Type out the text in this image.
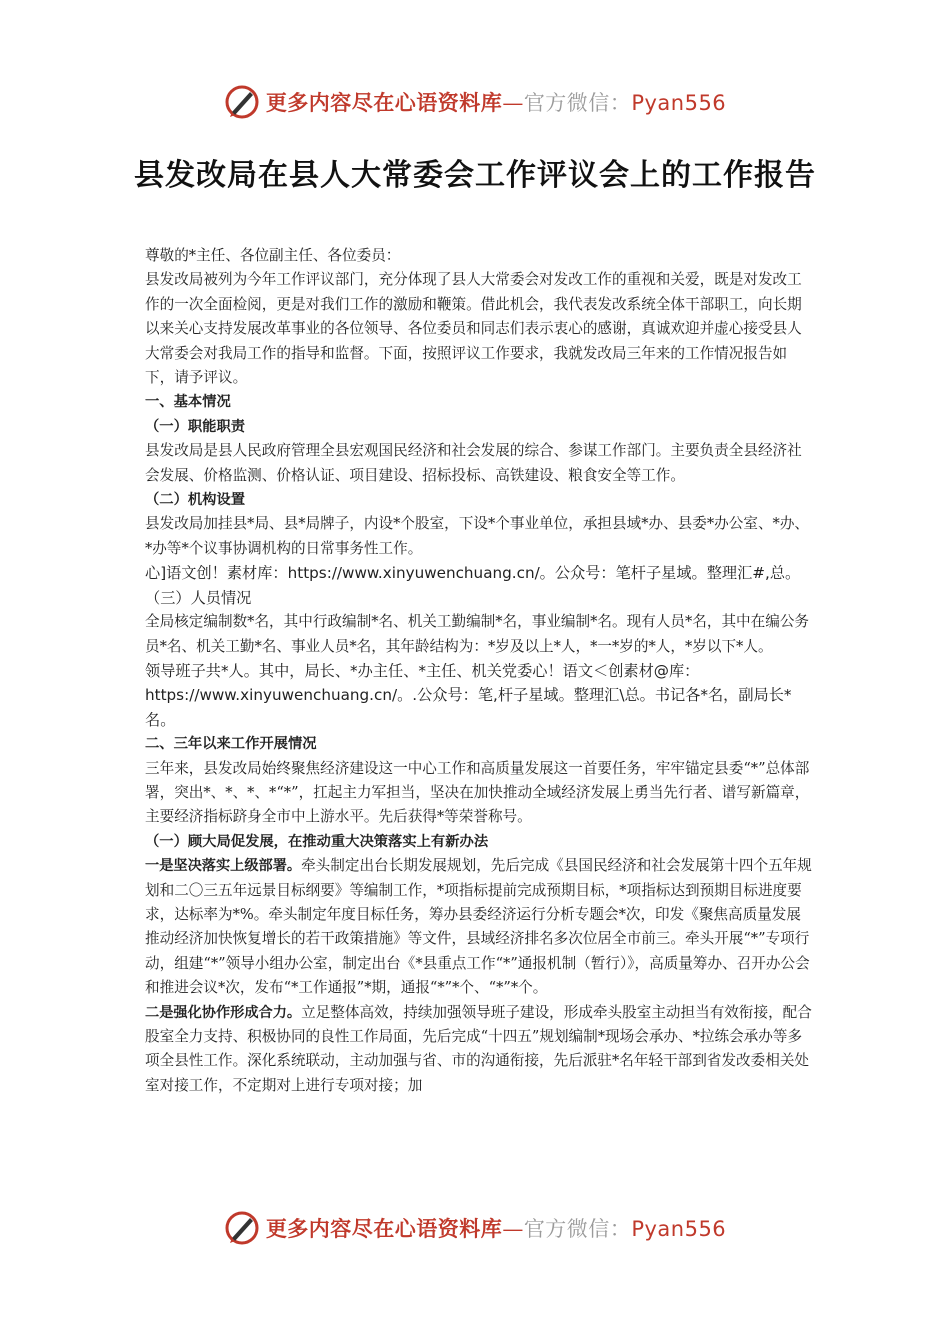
更多内容尽在心语资料库—官方微信：Pyan556
县发改局在县人大常委会工作评议会上的工作报告

尊敬的*主任、各位副主任、各位委员：

县发改局被列为今年工作评议部门，充分体现了县人大常委会对发改工作的重视和关爱，既是对发改工作的一次全面检阅，更是对我们工作的激励和鞭策。借此机会，我代表发改系统全体干部职工，向长期以来关心支持发展改革事业的各位领导、各位委员和同志们表示衷心的感谢，真诚欢迎并虚心接受县人大常委会对我局工作的指导和监督。下面，按照评议工作要求，我就发改局三年来的工作情况报告如下，请予评议。

一、基本情况

（一）职能职责

县发改局是县人民政府管理全县宏观国民经济和社会发展的综合、参谋工作部门。主要负责全县经济社会发展、价格监测、价格认证、项目建设、招标投标、高铁建设、粮食安全等工作。

（二）机构设置

县发改局加挂县*局、县*局牌子，内设*个股室，下设*个事业单位，承担县域*办、县委*办公室、*办、*办等*个议事协调机构的日常事务性工作。

心]语文创！素材库：https://www.xinyuwenchuang.cn/。公众号：笔杆子星域。整理汇#,总。（三）人员情况

全局核定编制数*名，其中行政编制*名、机关工勤编制*名，事业编制*名。现有人员*名，其中在编公务员*名、机关工勤*名、事业人员*名，其年龄结构为：*岁及以上*人，*一*岁的*人，*岁以下*人。

领导班子共*人。其中，局长、*办主任、*主任、机关党委心！语文＜创素材@库：https://www.xinyuwenchuang.cn/。.公众号：笔,杆子星域。整理汇\总。书记各*名，副局长*名。

二、三年以来工作开展情况

三年来，县发改局始终聚焦经济建设这一中心工作和高质量发展这一首要任务，牢牢锚定县委“*”总体部署，突出*、*、*、*“*”，扛起主力军担当，坚决在加快推动全域经济发展上勇当先行者、谱写新篇章，主要经济指标跻身全市中上游水平。先后获得*等荣誉称号。

（一）顾大局促发展，在推动重大决策落实上有新办法

一是坚决落实上级部署。牵头制定出台长期发展规划，先后完成《县国民经济和社会发展第十四个五年规划和二〇三五年远景目标纲要》等编制工作，*项指标提前完成预期目标，*项指标达到预期目标进度要求，达标率为*%。牵头制定年度目标任务，筹办县委经济运行分析专题会*次，印发《聚焦高质量发展推动经济加快恢复增长的若干政策措施》等文件，县域经济排名多次位居全市前三。牵头开展“*”专项行动，组建“*”领导小组办公室，制定出台《*县重点工作“*”通报机制（暂行）》，高质量筹办、召开办公会和推进会议*次，发布“*工作通报”*期，通报“*”*个、“*”*个。

二是强化协作形成合力。立足整体高效，持续加强领导班子建设，形成牵头股室主动担当有效衔接，配合股室全力支持、积极协同的良性工作局面，先后完成“十四五”规划编制*现场会承办、*拉练会承办等多项全县性工作。深化系统联动，主动加强与省、市的沟通衔接，先后派驻*名年轻干部到省发改委相关处室对接工作，不定期对上进行专项对接；加

更多内容尽在心语资料库—官方微信：Pyan556
